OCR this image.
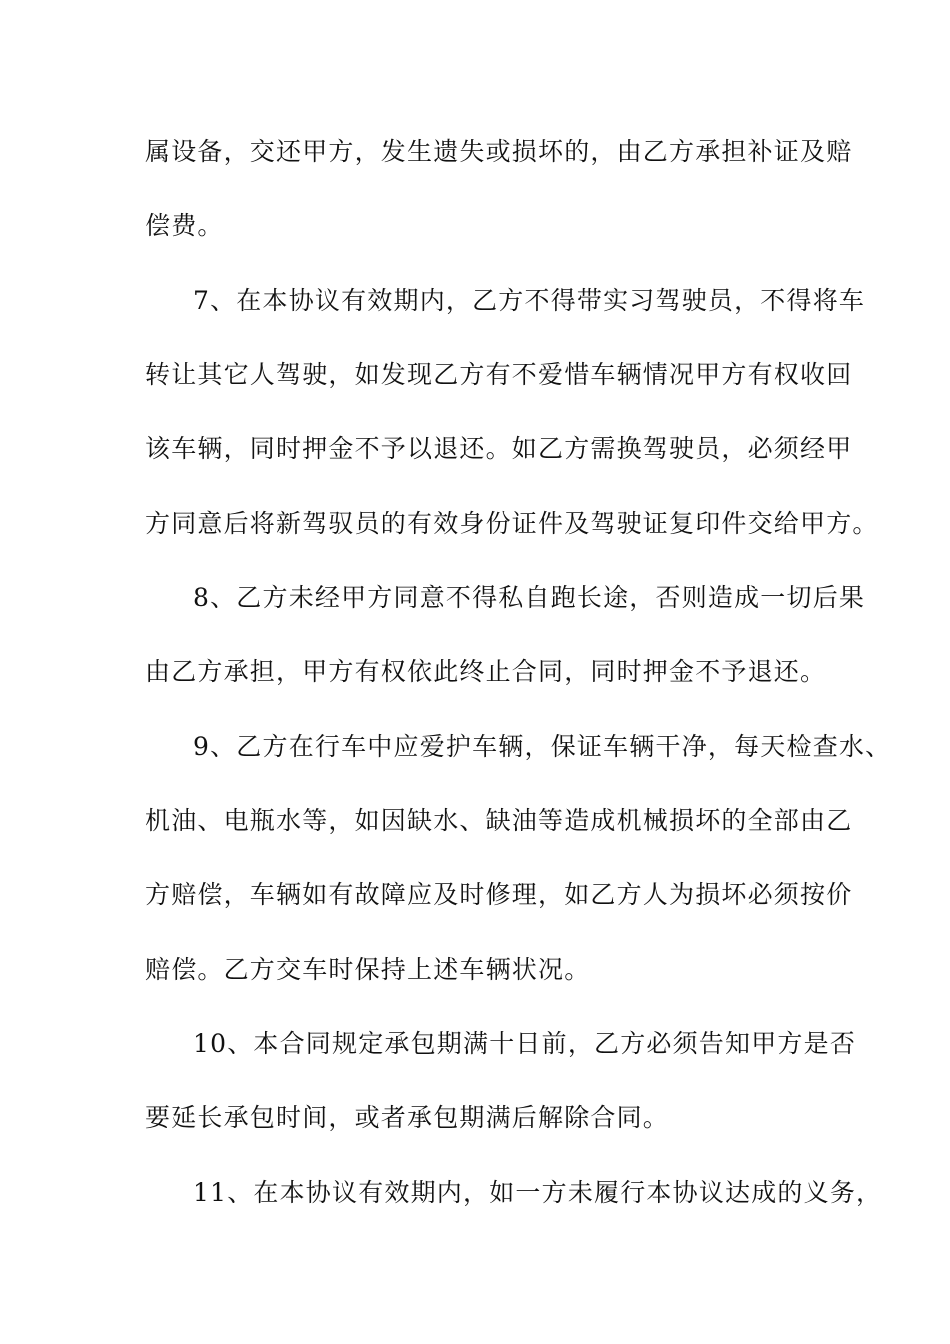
属设备，交还甲方，发生遗失或损坏的，由乙方承担补证及赔
偿费。
7、在本协议有效期内，乙方不得带实习驾驶员，不得将车
转让其它人驾驶，如发现乙方有不爱惜车辆情况甲方有权收回
该车辆，同时押金不予以退还。如乙方需换驾驶员，必须经甲
方同意后将新驾驭员的有效身份证件及驾驶证复印件交给甲方。
8、乙方未经甲方同意不得私自跑长途，否则造成一切后果
由乙方承担，甲方有权依此终止合同，同时押金不予退还。
9、乙方在行车中应爱护车辆，保证车辆干净，每天检查水、
机油、电瓶水等，如因缺水、缺油等造成机械损坏的全部由乙
方赔偿，车辆如有故障应及时修理，如乙方人为损坏必须按价
赔偿。乙方交车时保持上述车辆状况。
10、本合同规定承包期满十日前，乙方必须告知甲方是否
要延长承包时间，或者承包期满后解除合同。
11、在本协议有效期内，如一方未履行本协议达成的义务，
